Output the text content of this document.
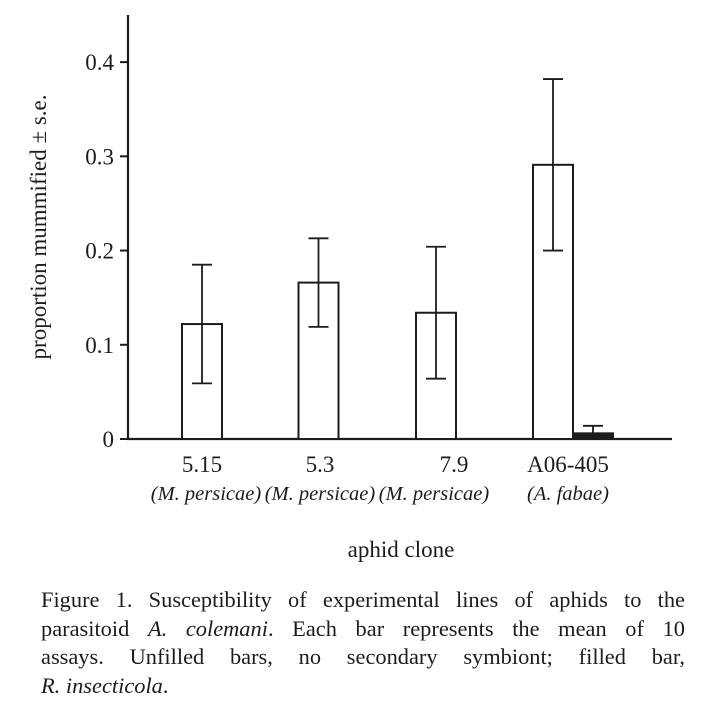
proportion mummified ± s.e.
aphid clone
0
0.1
0.2
0.3
0.4
5.15
(M. persicae)
5.3
(M. persicae)
7.9
(M. persicae)
A06-405
(A. fabae)
Figure 1. Susceptibility of experimental lines of aphids to the
parasitoid A. colemani. Each bar represents the mean of 10
assays. Unfilled bars, no secondary symbiont; filled bar,
R. insecticola.
